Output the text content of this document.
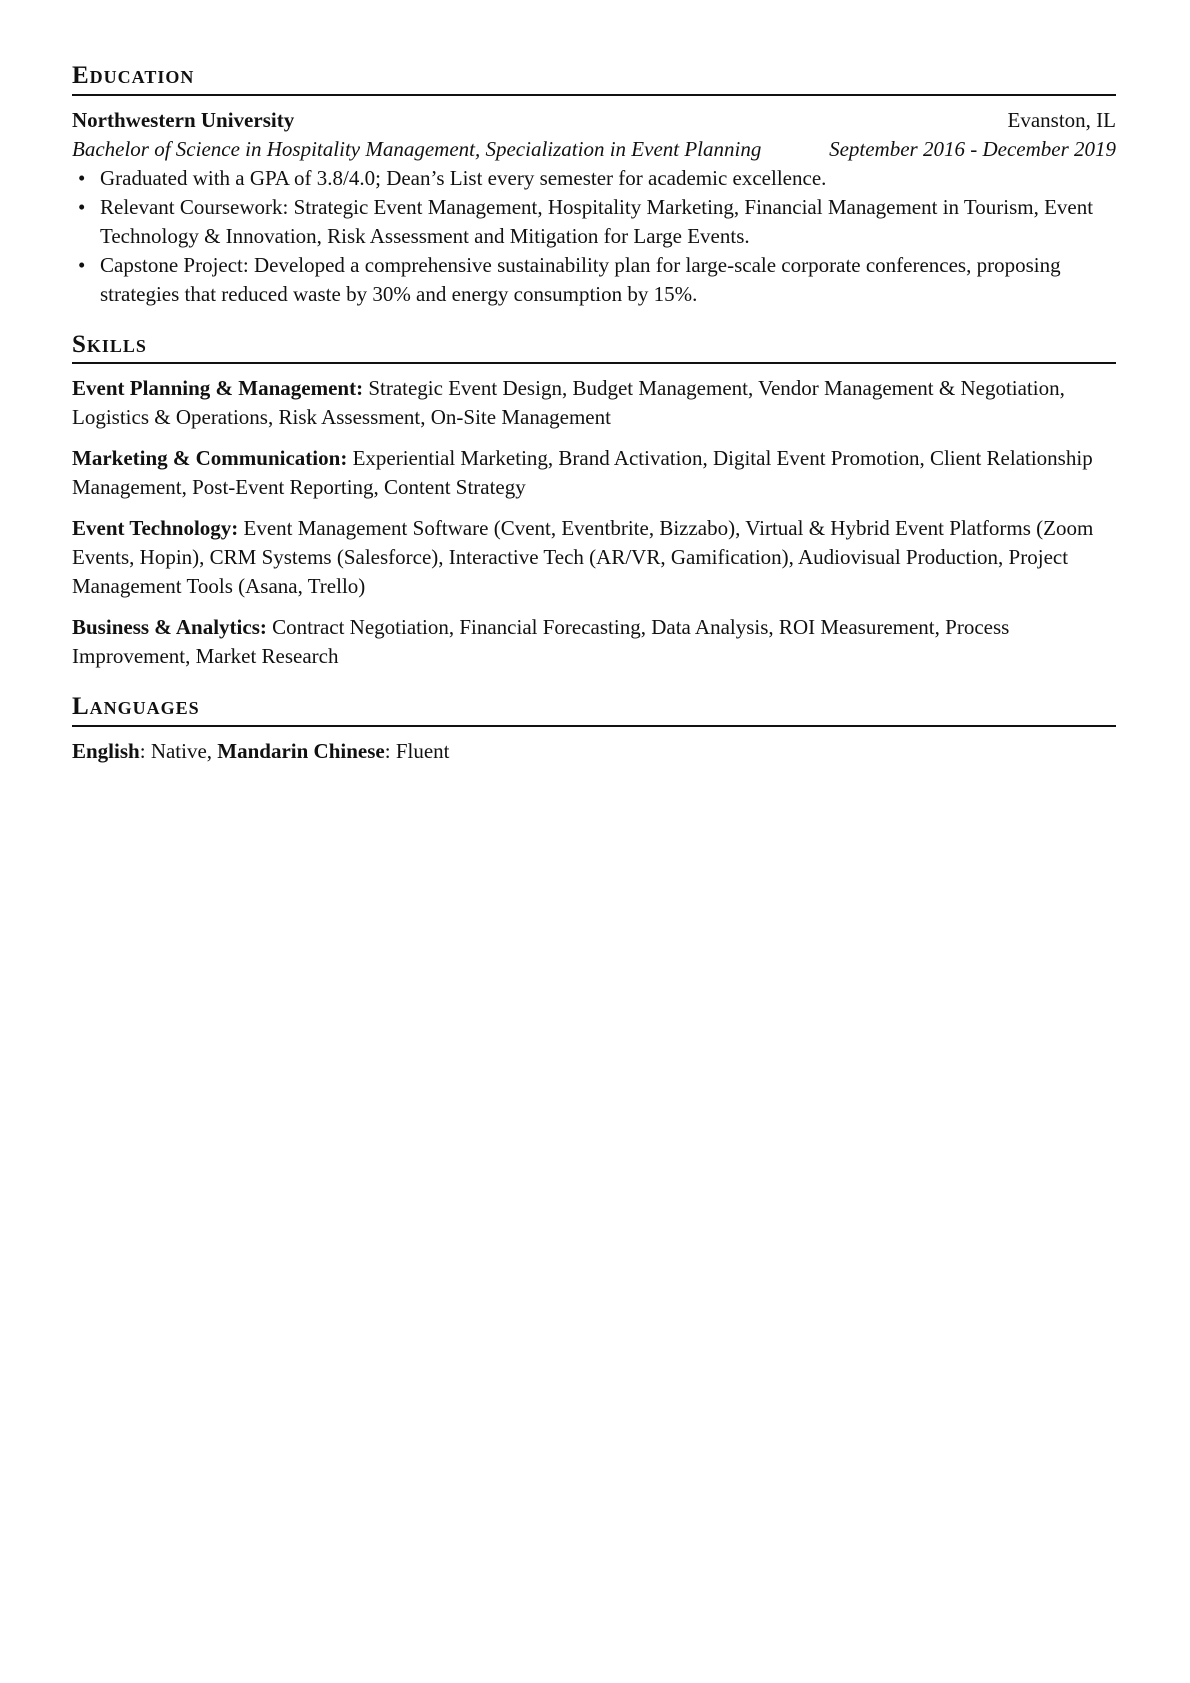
Education
Northwestern University	Evanston, IL
Bachelor of Science in Hospitality Management, Specialization in Event Planning	September 2016 - December 2019
• Graduated with a GPA of 3.8/4.0; Dean’s List every semester for academic excellence.
• Relevant Coursework: Strategic Event Management, Hospitality Marketing, Financial Management in Tourism, Event Technology & Innovation, Risk Assessment and Mitigation for Large Events.
• Capstone Project: Developed a comprehensive sustainability plan for large-scale corporate conferences, proposing strategies that reduced waste by 30% and energy consumption by 15%.
Skills
Event Planning & Management: Strategic Event Design, Budget Management, Vendor Management & Negotiation, Logistics & Operations, Risk Assessment, On-Site Management
Marketing & Communication: Experiential Marketing, Brand Activation, Digital Event Promotion, Client Relationship Management, Post-Event Reporting, Content Strategy
Event Technology: Event Management Software (Cvent, Eventbrite, Bizzabo), Virtual & Hybrid Event Platforms (Zoom Events, Hopin), CRM Systems (Salesforce), Interactive Tech (AR/VR, Gamification), Audiovisual Production, Project Management Tools (Asana, Trello)
Business & Analytics: Contract Negotiation, Financial Forecasting, Data Analysis, ROI Measurement, Process Improvement, Market Research
Languages
English: Native, Mandarin Chinese: Fluent
